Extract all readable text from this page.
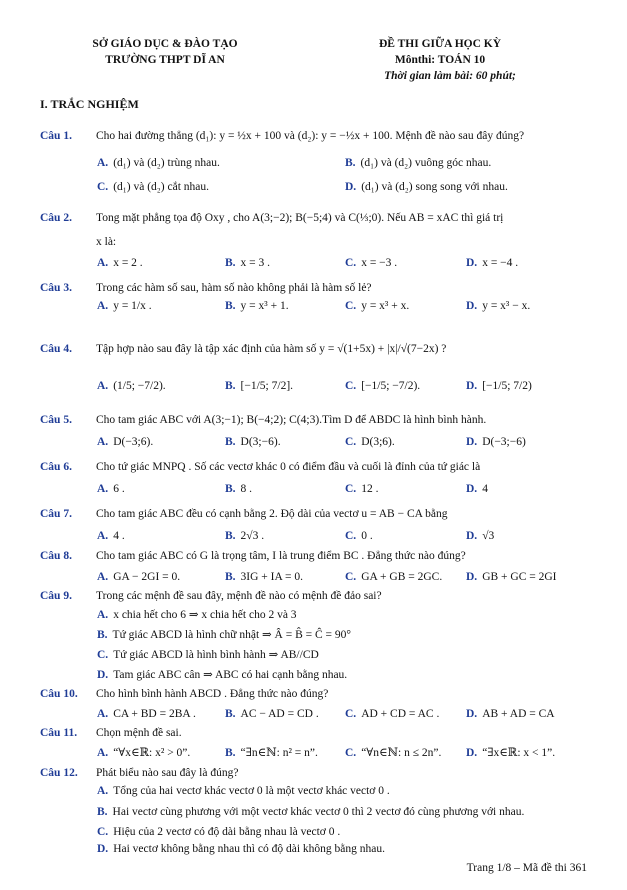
SỞ GIÁO DỤC & ĐÀO TẠO
TRƯỜNG THPT DĨ AN
ĐỀ THI GIỮA HỌC KỲ
Mônthi: TOÁN 10
Thời gian làm bài: 60 phút;
I. TRẮC NGHIỆM
Câu 1. Cho hai đường thẳng (d₁): y = ½x + 100 và (d₂): y = −½x + 100. Mệnh đề nào sau đây đúng?
A. (d₁) và (d₂) trùng nhau.	B. (d₁) và (d₂) vuông góc nhau.
C. (d₁) và (d₂) cắt nhau.	D. (d₁) và (d₂) song song với nhau.
Câu 2. Tong mặt phẳng tọa độ Oxy , cho A(3;−2); B(−5;4) và C(⅓;0). Nếu AB = xAC thì giá trị
x là:
A. x = 2 .	B. x = 3 .	C. x = −3 .	D. x = −4 .
Câu 3. Trong các hàm số sau, hàm số nào không phải là hàm số lẻ?
A. y = 1/x .	B. y = x³ + 1.	C. y = x³ + x.	D. y = x³ − x.
Câu 4. Tập hợp nào sau đây là tập xác định của hàm số y = √(1+5x) + |x|/√(7−2x) ?
A. (1/5; −7/2).	B. [−1/5; 7/2].	C. [−1/5; −7/2).	D. [−1/5; 7/2)
Câu 5. Cho tam giác ABC với A(3;−1); B(−4;2); C(4;3).Tìm D để ABDC là hình bình hành.
A. D(−3;6).	B. D(3;−6).	C. D(3;6).	D. D(−3;−6)
Câu 6. Cho tứ giác MNPQ . Số các vectơ khác 0 có điểm đầu và cuối là đỉnh của tứ giác là
A. 6 .	B. 8 .	C. 12 .	D. 4
Câu 7. Cho tam giác ABC đều có cạnh bằng 2. Độ dài của vectơ u = AB − CA bằng
A. 4 .	B. 2√3 .	C. 0 .	D. √3
Câu 8. Cho tam giác ABC có G là trọng tâm, I là trung điểm BC . Đẳng thức nào đúng?
A. GA − 2GI = 0.	B. 3IG + IA = 0.	C. GA + GB = 2GC. D. GB + GC = 2GI
Câu 9. Trong các mệnh đề sau đây, mệnh đề nào có mệnh đề đảo sai?
A. x chia hết cho 6 ⇒ x chia hết cho 2 và 3
B. Tứ giác ABCD là hình chữ nhật ⇒ Â = B̂ = Ĉ = 90°
C. Tứ giác ABCD là hình bình hành ⇒ AB//CD
D. Tam giác ABC cân ⇒ ABC có hai cạnh bằng nhau.
Câu 10. Cho hình bình hành ABCD . Đẳng thức nào đúng?
A. CA + BD = 2BA .	B. AC − AD = CD . C. AD + CD = AC . D. AB + AD = CA
Câu 11. Chọn mệnh đề sai.
A. “∀x∈ℝ: x² > 0”.	B. “∃n∈ℕ: n² = n”. C. “∀n∈ℕ: n ≤ 2n”. D. “∃x∈ℝ: x < 1”.
Câu 12. Phát biểu nào sau đây là đúng?
A. Tổng của hai vectơ khác vectơ 0 là một vectơ khác vectơ 0 .
B. Hai vectơ cùng phương với một vectơ khác vectơ 0 thì 2 vectơ đó cùng phương với nhau.
C. Hiệu của 2 vectơ có độ dài bằng nhau là vectơ 0 .
D. Hai vectơ không bằng nhau thì có độ dài không bằng nhau.
Trang 1/8 – Mã đề thi 361
